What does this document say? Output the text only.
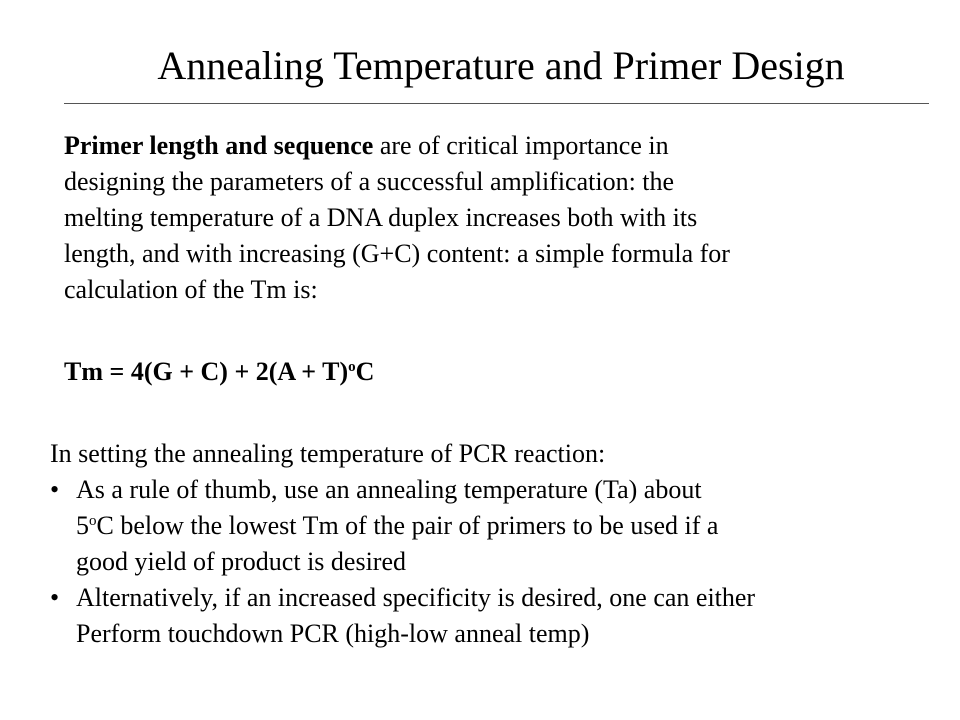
Annealing Temperature and Primer Design
Primer length and sequence are of critical importance in
designing the parameters of a successful amplification: the
melting temperature of a DNA duplex increases both with its
length, and with increasing (G+C) content: a simple formula for
calculation of the Tm is:
$Tm = 4(G + C) + 2(A + T)^oC$
In setting the annealing temperature of PCR reaction:
• As a rule of thumb, use an annealing temperature (Ta) about
5$^o$C below the lowest Tm of the pair of primers to be used if a
good yield of product is desired
• Alternatively, if an increased specificity is desired, one can either
Perform touchdown PCR (high-low anneal temp)
